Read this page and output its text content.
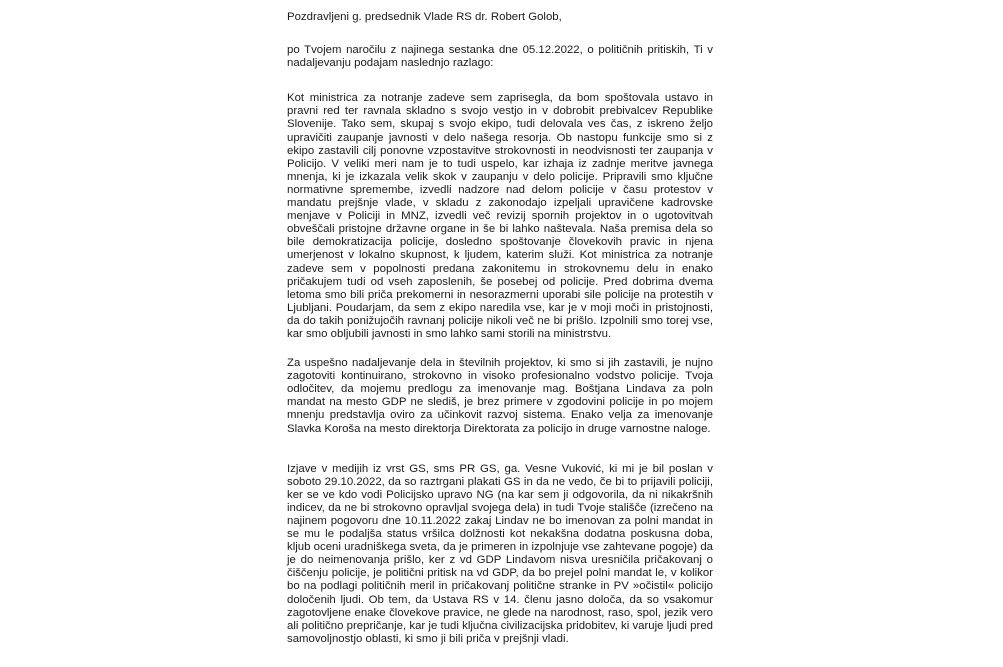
Pozdravljeni g. predsednik Vlade RS dr. Robert Golob,

po Tvojem naročilu z najinega sestanka dne 05.12.2022, o političnih pritiskih, Ti v nadaljevanju podajam naslednjo razlago:

Kot ministrica za notranje zadeve sem zaprisegla, da bom spoštovala ustavo in pravni red ter ravnala skladno s svojo vestjo in v dobrobit prebivalcev Republike Slovenije. Tako sem, skupaj s svojo ekipo, tudi delovala ves čas, z iskreno željo upravičiti zaupanje javnosti v delo našega resorja. Ob nastopu funkcije smo si z ekipo zastavili cilj ponovne vzpostavitve strokovnosti in neodvisnosti ter zaupanja v Policijo. V veliki meri nam je to tudi uspelo, kar izhaja iz zadnje meritve javnega mnenja, ki je izkazala velik skok v zaupanju v delo policije. Pripravili smo ključne normativne spremembe, izvedli nadzore nad delom policije v času protestov v mandatu prejšnje vlade, v skladu z zakonodajo izpeljali upravičene kadrovske menjave v Policiji in MNZ, izvedli več revizij spornih projektov in o ugotovitvah obveščali pristojne državne organe in še bi lahko naštevala. Naša premisa dela so bile demokratizacija policije, dosledno spoštovanje človekovih pravic in njena umerjenost v lokalno skupnost, k ljudem, katerim služi. Kot ministrica za notranje zadeve sem v popolnosti predana zakonitemu in strokovnemu delu in enako pričakujem tudi od vseh zaposlenih, še posebej od policije. Pred dobrima dvema letoma smo bili priča prekomerni in nesorazmerni uporabi sile policije na protestih v Ljubljani. Poudarjam, da sem z ekipo naredila vse, kar je v moji moči in pristojnosti, da do takih ponižujočih ravnanj policije nikoli več ne bi prišlo. Izpolnili smo torej vse, kar smo obljubili javnosti in smo lahko sami storili na ministrstvu.

Za uspešno nadaljevanje dela in številnih projektov, ki smo si jih zastavili, je nujno zagotoviti kontinuirano, strokovno in visoko profesionalno vodstvo policije. Tvoja odločitev, da mojemu predlogu za imenovanje mag. Boštjana Lindava za poln mandat na mesto GDP ne slediš, je brez primere v zgodovini policije in po mojem mnenju predstavlja oviro za učinkovit razvoj sistema. Enako velja za imenovanje Slavka Koroša na mesto direktorja Direktorata za policijo in druge varnostne naloge.

Izjave v medijih iz vrst GS, sms PR GS, ga. Vesne Vuković, ki mi je bil poslan v soboto 29.10.2022, da so raztrgani plakati GS in da ne vedo, če bi to prijavili policiji, ker se ve kdo vodi Policijsko upravo NG (na kar sem ji odgovorila, da ni nikakršnih indicev, da ne bi strokovno opravljal svojega dela) in tudi Tvoje stališče (izrečeno na najinem pogovoru dne 10.11.2022 zakaj Lindav ne bo imenovan za polni mandat in se mu le podaljša status vršilca dolžnosti kot nekakšna dodatna poskusna doba, kljub oceni uradniškega sveta, da je primeren in izpolnjuje vse zahtevane pogoje) da je do neimenovanja prišlo, ker z vd GDP Lindavom nisva uresničila pričakovanj o čiščenju policije, je politični pritisk na vd GDP, da bo prejel polni mandat le, v kolikor bo na podlagi političnih meril in pričakovanj politične stranke in PV »očistil« policijo določenih ljudi. Ob tem, da Ustava RS v 14. členu jasno določa, da so vsakomur zagotovljene enake človekove pravice, ne glede na narodnost, raso, spol, jezik vero ali politično prepričanje, kar je tudi ključna civilizacijska pridobitev, ki varuje ljudi pred samovoljnostjo oblasti, ki smo ji bili priča v prejšnji vladi.
